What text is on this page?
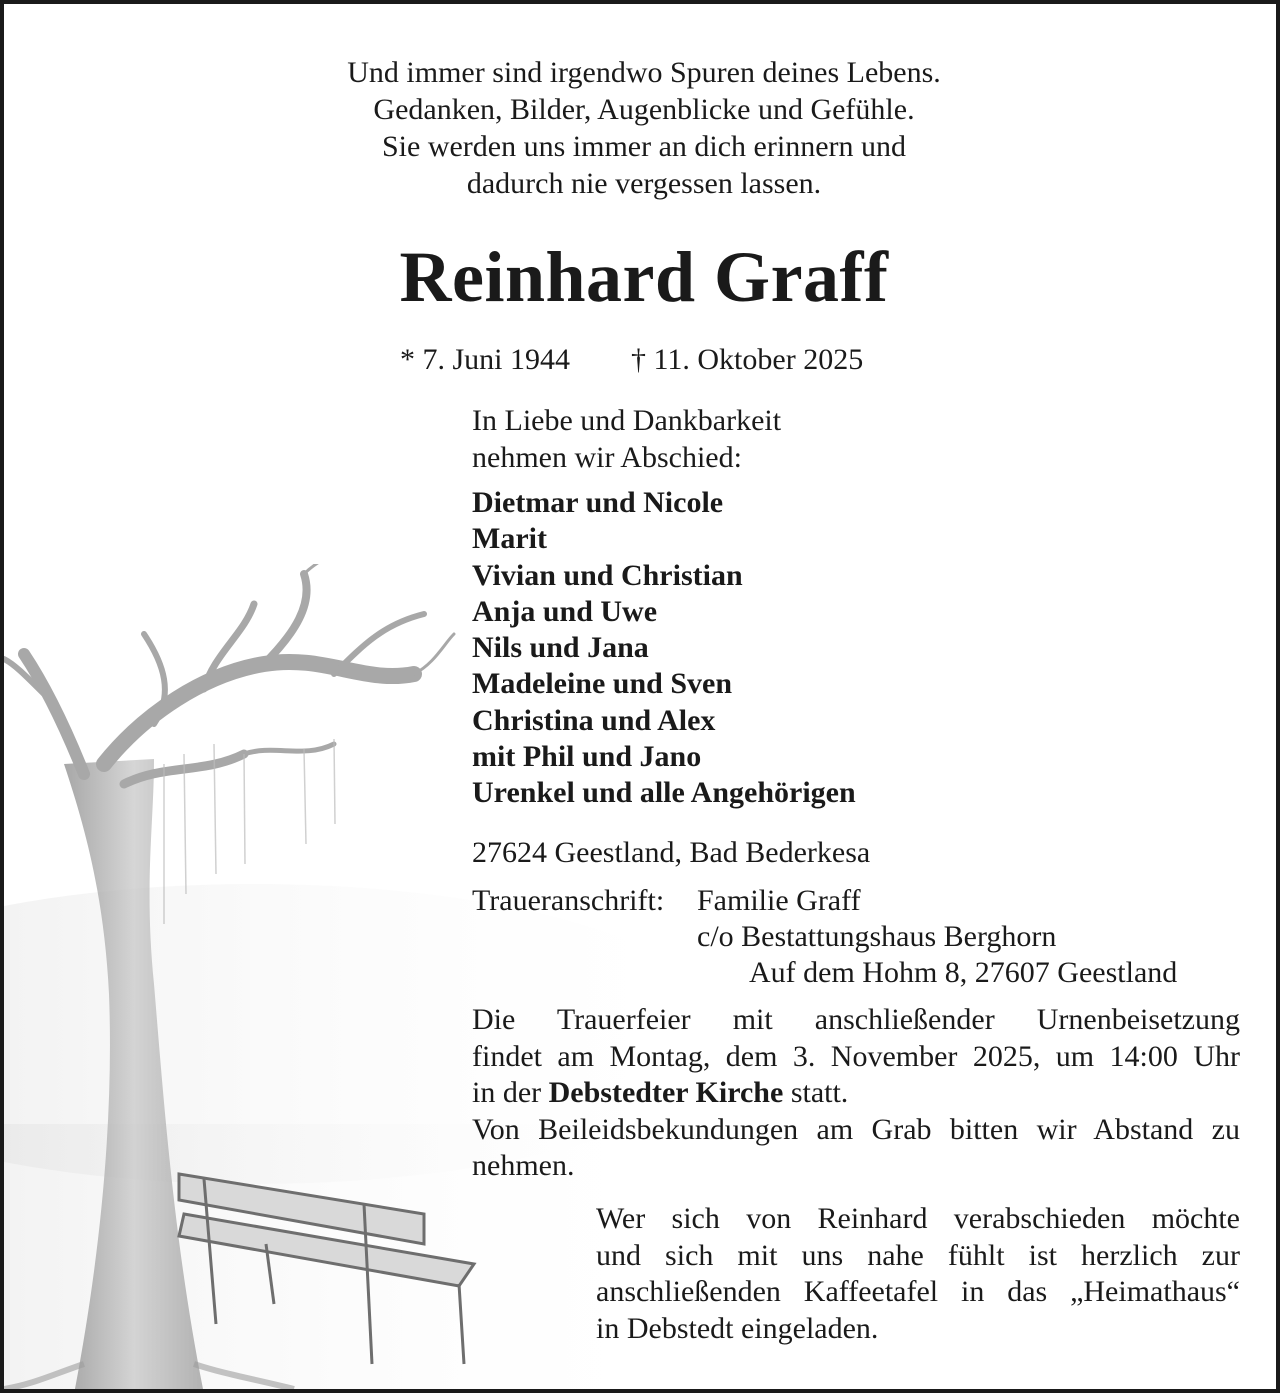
Und immer sind irgendwo Spuren deines Lebens.
Gedanken, Bilder, Augenblicke und Gefühle.
Sie werden uns immer an dich erinnern und
dadurch nie vergessen lassen.
Reinhard Graff
* 7. Juni 1944 † 11. Oktober 2025
In Liebe und Dankbarkeit
nehmen wir Abschied:
Dietmar und Nicole
Marit
Vivian und Christian
Anja und Uwe
Nils und Jana
Madeleine und Sven
Christina und Alex
mit Phil und Jano
Urenkel und alle Angehörigen
27624 Geestland, Bad Bederkesa
Traueranschrift: Familie Graff
c/o Bestattungshaus Berghorn
Auf dem Hohm 8, 27607 Geestland
Die Trauerfeier mit anschließender Urnenbeisetzung
findet am Montag, dem 3. November 2025, um 14:00 Uhr
in der Debstedter Kirche statt.
Von Beileidsbekundungen am Grab bitten wir Abstand zu
nehmen.
Wer sich von Reinhard verabschieden möchte
und sich mit uns nahe fühlt ist herzlich zur
anschließenden Kaffeetafel in das „Heimathaus“
in Debstedt eingeladen.
